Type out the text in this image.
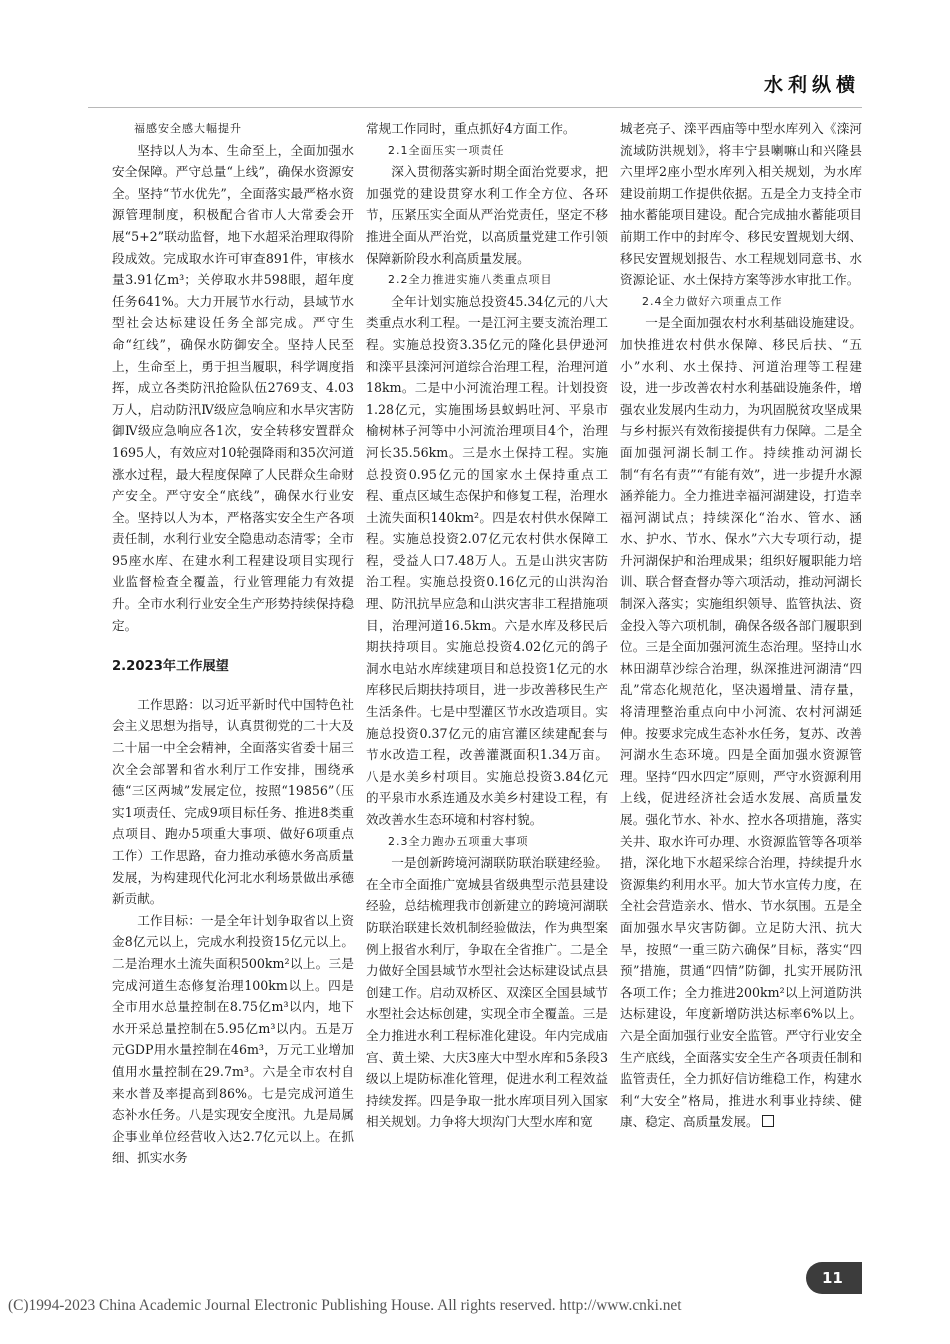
水利纵横

福感安全感大幅提升

坚持以人为本、生命至上，全面加强水安全保障。严守总量“上线”，确保水资源安全。坚持“节水优先”，全面落实最严格水资源管理制度，积极配合省市人大常委会开展“5+2”联动监督，地下水超采治理取得阶段成效。完成取水许可审查891件，审核水量3.91亿m³；关停取水井598眼，超年度任务641%。大力开展节水行动，县域节水型社会达标建设任务全部完成。严守生命“红线”，确保水防御安全。坚持人民至上，生命至上，勇于担当履职，科学调度指挥，成立各类防汛抢险队伍2769支、4.03万人，启动防汛Ⅳ级应急响应和水旱灾害防御Ⅳ级应急响应各1次，安全转移安置群众1695人，有效应对10轮强降雨和35次河道涨水过程，最大程度保障了人民群众生命财产安全。严守安全“底线”，确保水行业安全。坚持以人为本，严格落实安全生产各项责任制，水利行业安全隐患动态清零；全市95座水库、在建水利工程建设项目实现行业监督检查全覆盖，行业管理能力有效提升。全市水利行业安全生产形势持续保持稳定。

2.2023年工作展望

工作思路：以习近平新时代中国特色社会主义思想为指导，认真贯彻党的二十大及二十届一中全会精神，全面落实省委十届三次全会部署和省水利厅工作安排，围绕承德“三区两城”发展定位，按照“19856”（压实1项责任、完成9项目标任务、推进8类重点项目、跑办5项重大事项、做好6项重点工作）工作思路，奋力推动承德水务高质量发展，为构建现代化河北水利场景做出承德新贡献。

工作目标：一是全年计划争取省以上资金8亿元以上，完成水利投资15亿元以上。二是治理水土流失面积500km²以上。三是完成河道生态修复治理100km以上。四是全市用水总量控制在8.75亿m³以内，地下水开采总量控制在5.95亿m³以内。五是万元GDP用水量控制在46m³，万元工业增加值用水量控制在29.7m³。六是全市农村自来水普及率提高到86%。七是完成河道生态补水任务。八是实现安全度汛。九是局属企事业单位经营收入达2.7亿元以上。在抓细、抓实水务

常规工作同时，重点抓好4方面工作。

2.1全面压实一项责任

深入贯彻落实新时期全面治党要求，把加强党的建设贯穿水利工作全方位、各环节，压紧压实全面从严治党责任，坚定不移推进全面从严治党，以高质量党建工作引领保障新阶段水利高质量发展。

2.2全力推进实施八类重点项目

全年计划实施总投资45.34亿元的八大类重点水利工程。一是江河主要支流治理工程。实施总投资3.35亿元的隆化县伊逊河和滦平县滦河河道综合治理工程，治理河道18km。二是中小河流治理工程。计划投资1.28亿元，实施围场县蚁蚂吐河、平泉市榆树林子河等中小河流治理项目4个，治理河长35.56km。三是水土保持工程。实施总投资0.95亿元的国家水土保持重点工程、重点区域生态保护和修复工程，治理水土流失面积140km²。四是农村供水保障工程。实施总投资2.07亿元农村供水保障工程，受益人口7.48万人。五是山洪灾害防治工程。实施总投资0.16亿元的山洪沟治理、防汛抗旱应急和山洪灾害非工程措施项目，治理河道16.5km。六是水库及移民后期扶持项目。实施总投资4.02亿元的鸽子洞水电站水库续建项目和总投资1亿元的水库移民后期扶持项目，进一步改善移民生产生活条件。七是中型灌区节水改造项目。实施总投资0.37亿元的庙宫灌区续建配套与节水改造工程，改善灌溉面积1.34万亩。八是水美乡村项目。实施总投资3.84亿元的平泉市水系连通及水美乡村建设工程，有效改善水生态环境和村容村貌。

2.3全力跑办五项重大事项

一是创新跨境河湖联防联治联建经验。在全市全面推广宽城县省级典型示范县建设经验，总结梳理我市创新建立的跨境河湖联防联治联建长效机制经验做法，作为典型案例上报省水利厅，争取在全省推广。二是全力做好全国县域节水型社会达标建设试点县创建工作。启动双桥区、双滦区全国县域节水型社会达标创建，实现全市全覆盖。三是全力推进水利工程标准化建设。年内完成庙宫、黄土梁、大庆3座大中型水库和5条段3级以上堤防标准化管理，促进水利工程效益持续发挥。四是争取一批水库项目列入国家相关规划。力争将大坝沟门大型水库和宽

城老亮子、滦平西庙等中型水库列入《滦河流域防洪规划》，将丰宁县喇嘛山和兴隆县六里坪2座小型水库列入相关规划，为水库建设前期工作提供依据。五是全力支持全市抽水蓄能项目建设。配合完成抽水蓄能项目前期工作中的封库令、移民安置规划大纲、移民安置规划报告、水工程规划同意书、水资源论证、水土保持方案等涉水审批工作。

2.4全力做好六项重点工作

一是全面加强农村水利基础设施建设。加快推进农村供水保障、移民后扶、“五小”水利、水土保持、河道治理等工程建设，进一步改善农村水利基础设施条件，增强农业发展内生动力，为巩固脱贫攻坚成果与乡村振兴有效衔接提供有力保障。二是全面加强河湖长制工作。持续推动河湖长制“有名有责”“有能有效”，进一步提升水源涵养能力。全力推进幸福河湖建设，打造幸福河湖试点；持续深化“治水、管水、涵水、护水、节水、保水”六大专项行动，提升河湖保护和治理成果；组织好履职能力培训、联合督查督办等六项活动，推动河湖长制深入落实；实施组织领导、监管执法、资金投入等六项机制，确保各级各部门履职到位。三是全面加强河流生态治理。坚持山水林田湖草沙综合治理，纵深推进河湖清“四乱”常态化规范化，坚决遏增量、清存量，将清理整治重点向中小河流、农村河湖延伸。按要求完成生态补水任务，复苏、改善河湖水生态环境。四是全面加强水资源管理。坚持“四水四定”原则，严守水资源利用上线，促进经济社会适水发展、高质量发展。强化节水、补水、控水各项措施，落实关井、取水许可办理、水资源监管等各项举措，深化地下水超采综合治理，持续提升水资源集约利用水平。加大节水宣传力度，在全社会营造亲水、惜水、节水氛围。五是全面加强水旱灾害防御。立足防大汛、抗大旱，按照“一重三防六确保”目标，落实“四预”措施，贯通“四情”防御，扎实开展防汛各项工作；全力推进200km²以上河道防洪达标建设，年度新增防洪达标率6%以上。六是全面加强行业安全监管。严守行业安全生产底线，全面落实安全生产各项责任制和监管责任，全力抓好信访维稳工作，构建水利“大安全”格局，推进水利事业持续、健康、稳定、高质量发展。

11
(C)1994-2023 China Academic Journal Electronic Publishing House. All rights reserved. http://www.cnki.net
